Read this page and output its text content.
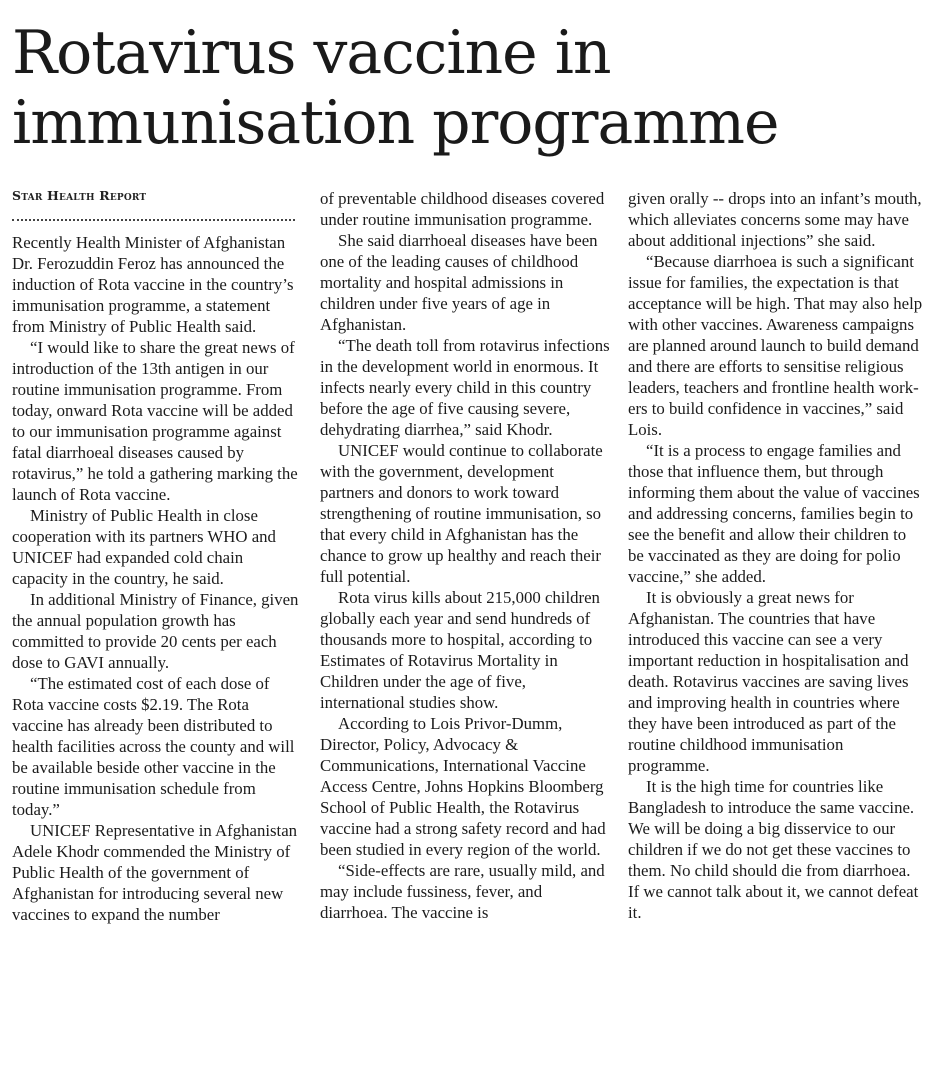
Rotavirus vaccine in
immunisation programme
Star Health Report

Recently Health Minister of Afghanistan Dr. Ferozuddin Feroz has announced the induction of Rota vaccine in the country’s immunisation programme, a statement from Ministry of Public Health said.

“I would like to share the great news of introduction of the 13th antigen in our routine immunisation programme. From today, onward Rota vaccine will be added to our immunisation programme against fatal diarrhoeal diseases caused by rotavirus,” he told a gathering marking the launch of Rota vaccine.

Ministry of Public Health in close cooperation with its partners WHO and UNICEF had expanded cold chain capacity in the country, he said.

In additional Ministry of Finance, given the annual population growth has committed to provide 20 cents per each dose to GAVI annually.

“The estimated cost of each dose of Rota vaccine costs $2.19. The Rota vaccine has already been distributed to health facilities across the county and will be available beside other vaccine in the routine immunisation schedule from today.”

UNICEF Representative in Afghanistan Adele Khodr commended the Ministry of Public Health of the government of Afghanistan for introducing several new vaccines to expand the number

of preventable childhood diseases covered under routine immunisation programme.

She said diarrhoeal diseases have been one of the leading causes of childhood mortality and hospital admissions in children under five years of age in Afghanistan.

“The death toll from rotavirus infections in the development world in enormous. It infects nearly every child in this country before the age of five causing severe, dehydrating diarrhea,” said Khodr.

UNICEF would continue to collaborate with the government, development partners and donors to work toward strengthening of routine immunisation, so that every child in Afghanistan has the chance to grow up healthy and reach their full potential.

Rota virus kills about 215,000 children globally each year and send hundreds of thousands more to hospital, according to Estimates of Rotavirus Mortality in Children under the age of five, international studies show.

According to Lois Privor-Dumm, Director, Policy, Advocacy & Communications, International Vaccine Access Centre, Johns Hopkins Bloomberg School of Public Health, the Rotavirus vaccine had a strong safety record and had been studied in every region of the world.

“Side-effects are rare, usually mild, and may include fussiness, fever, and diarrhoea. The vaccine is

given orally -- drops into an infant’s mouth, which alleviates concerns some may have about additional injections” she said.

“Because diarrhoea is such a significant issue for families, the expectation is that acceptance will be high. That may also help with other vaccines. Awareness campaigns are planned around launch to build demand and there are efforts to sensitise religious leaders, teachers and frontline health workers to build confidence in vaccines,” said Lois.

“It is a process to engage families and those that influence them, but through informing them about the value of vaccines and addressing concerns, families begin to see the benefit and allow their children to be vaccinated as they are doing for polio vaccine,” she added.

It is obviously a great news for Afghanistan. The countries that have introduced this vaccine can see a very important reduction in hospitalisation and death. Rotavirus vaccines are saving lives and improving health in countries where they have been introduced as part of the routine childhood immunisation programme.

It is the high time for countries like Bangladesh to introduce the same vaccine. We will be doing a big disservice to our children if we do not get these vaccines to them. No child should die from diarrhoea. If we cannot talk about it, we cannot defeat it.
